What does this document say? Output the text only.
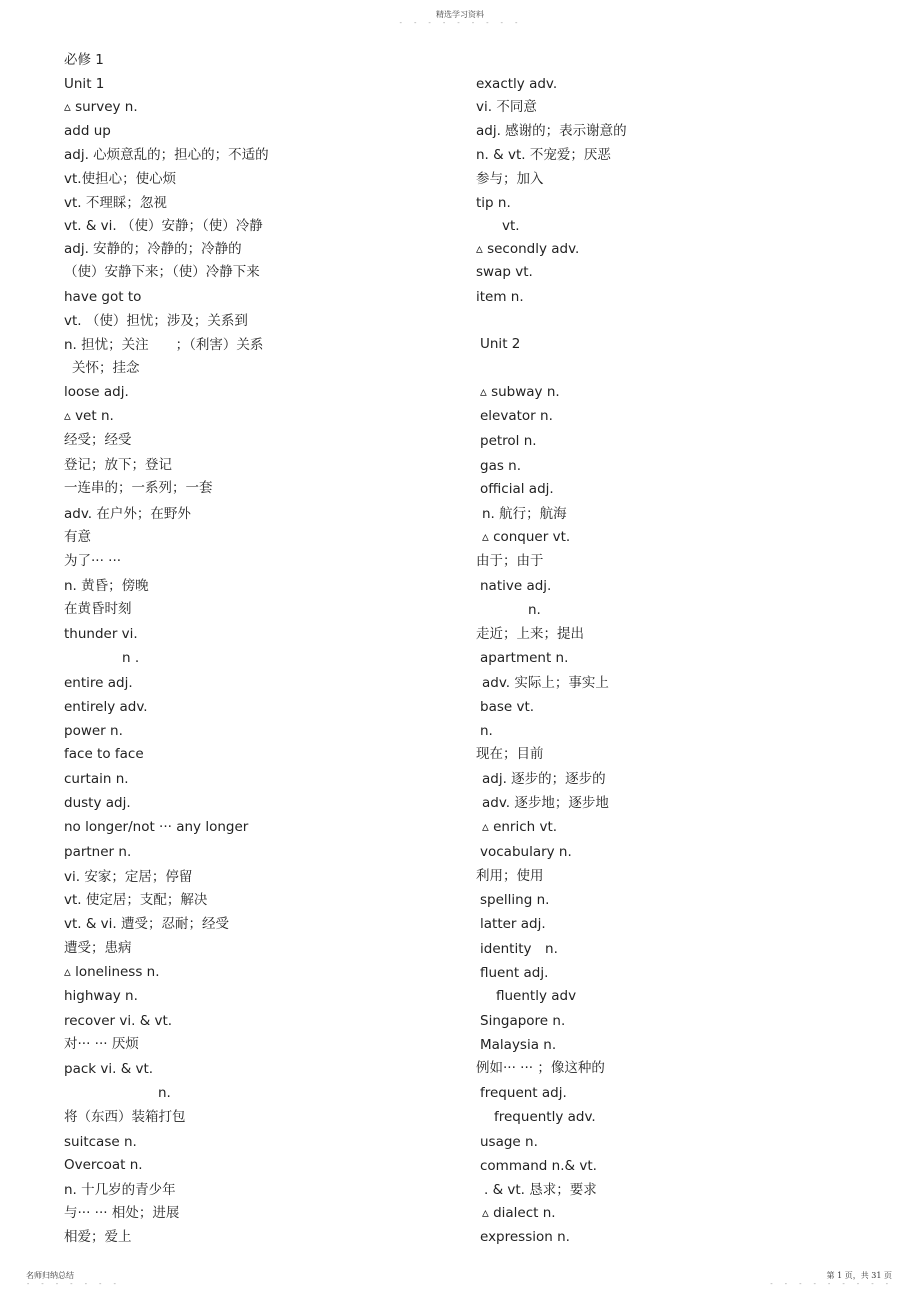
精选学习资料
- - - - - - - - -
必修 1
Unit 1
▵ survey n.
add up
adj. 心烦意乱的；担心的；不适的
vt.使担心；使心烦
vt. 不理睬；忽视
vt. & vi. （使）安静；（使）冷静
adj. 安静的；冷静的；冷静的
（使）安静下来；（使）冷静下来
have got to
vt. （使）担忧；涉及；关系到
n. 担忧；关注　　；（利害）关系
关怀；挂念
loose adj.
▵ vet n.
经受；经受
登记；放下；登记
一连串的；一系列；一套
adv. 在户外；在野外
有意
为了··· ···
n. 黄昏；傍晚
在黄昏时刻
thunder vi.
n .
entire adj.
entirely adv.
power n.
face to face
curtain n.
dusty adj.
no longer/not ··· any longer
partner n.
vi. 安家；定居；停留
vt. 使定居；支配；解决
vt. & vi. 遭受；忍耐；经受
遭受；患病
▵ loneliness n.
highway n.
recover vi. & vt.
对··· ··· 厌烦
pack vi. & vt.
n.
将（东西）装箱打包
suitcase n.
Overcoat n.
n. 十几岁的青少年
与··· ··· 相处；进展
相爱；爱上
exactly adv.
vi. 不同意
adj. 感谢的；表示谢意的
n. & vt. 不宠爱；厌恶
参与；加入
tip n.
vt.
▵ secondly adv.
swap vt.
item n.
Unit 2
▵ subway n.
elevator n.
petrol n.
gas n.
official adj.
n. 航行；航海
▵ conquer vt.
由于；由于
native adj.
n.
走近；上来；提出
apartment n.
adv. 实际上；事实上
base vt.
n.
现在；目前
adj. 逐步的；逐步的
adv. 逐步地；逐步地
▵ enrich vt.
vocabulary n.
利用；使用
spelling n.
latter adj.
identity　n.
fluent adj.
fluently adv
Singapore n.
Malaysia n.
例如··· ··· ；像这种的
frequent adj.
frequently adv.
usage n.
command n.& vt.
. & vt. 恳求；要求
▵ dialect n.
expression n.
名师归纳总结
- - - - - - -
第 1 页，共 31 页
- - - - - - - - -
